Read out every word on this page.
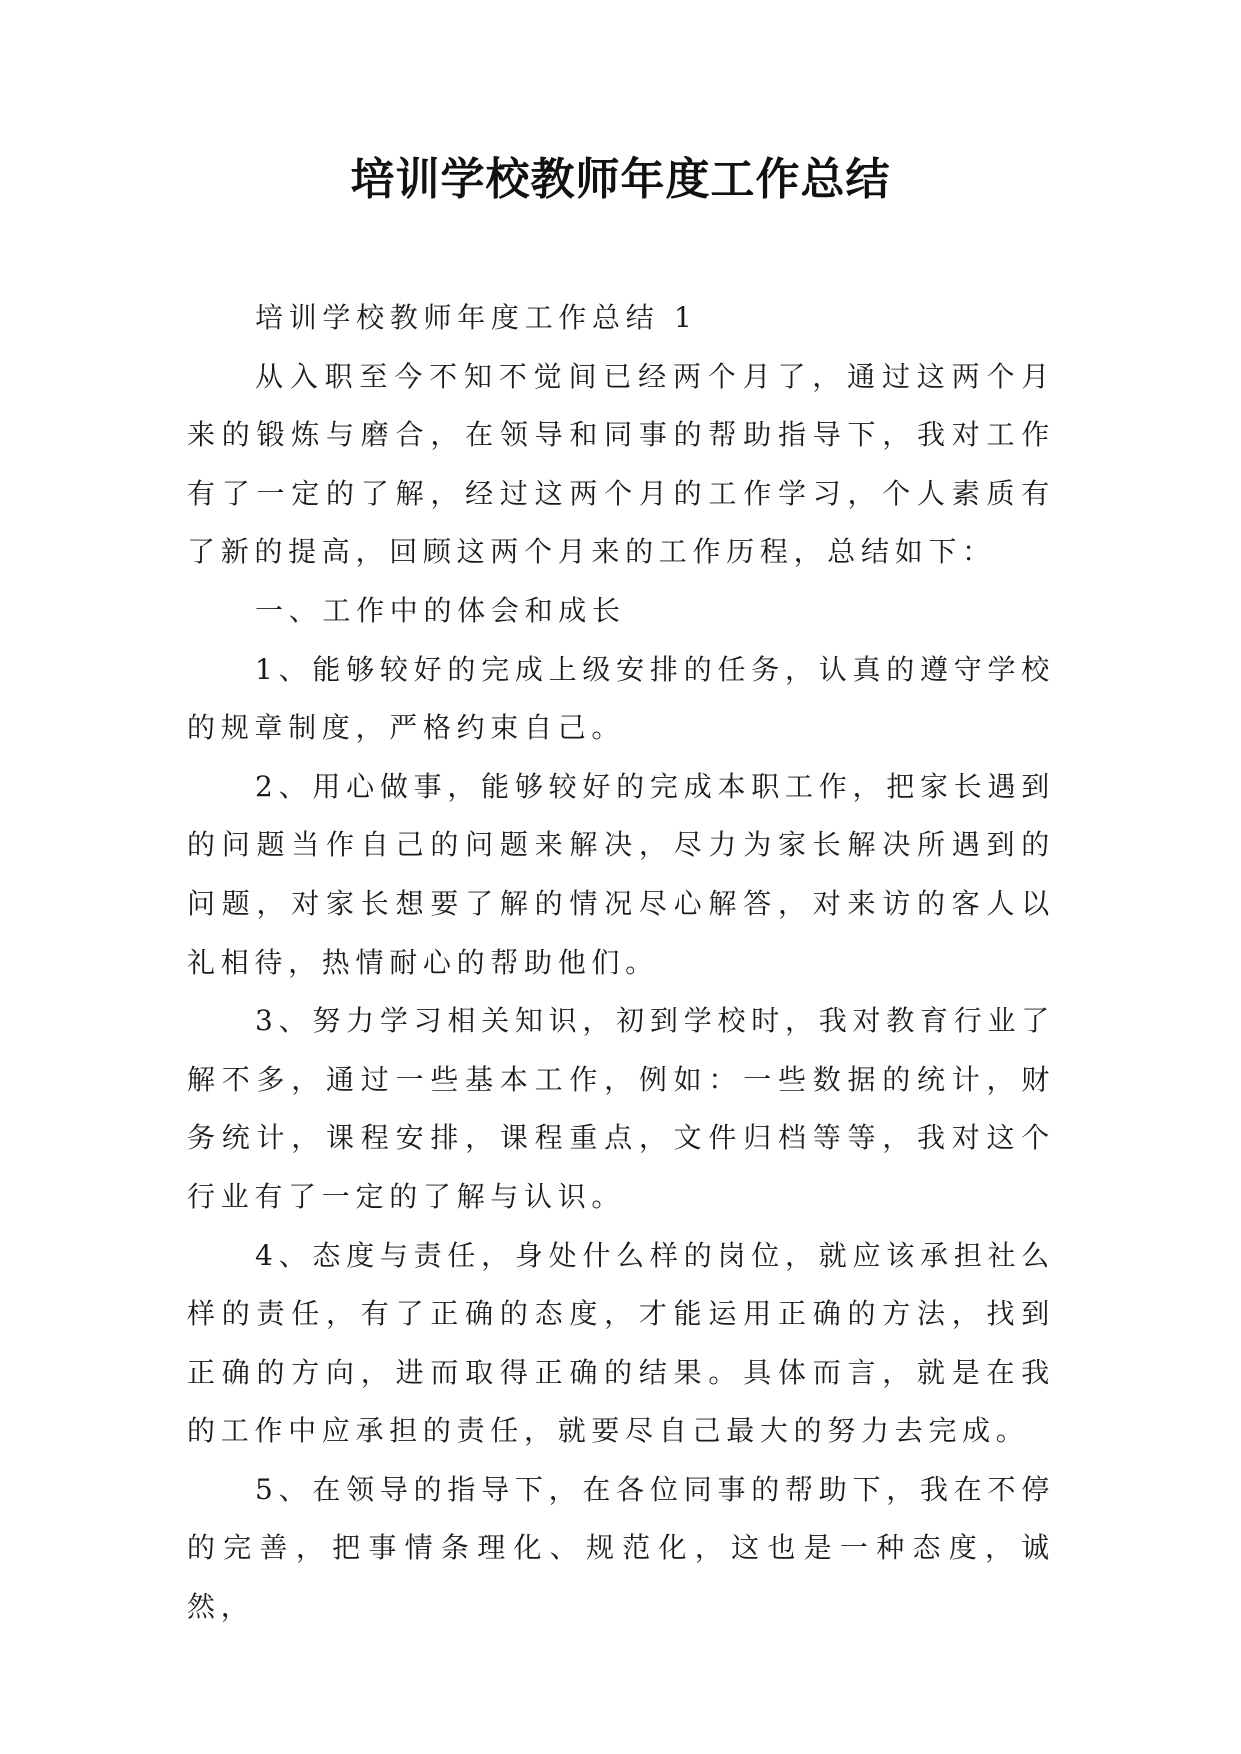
培训学校教师年度工作总结

培训学校教师年度工作总结 1

从入职至今不知不觉间已经两个月了，通过这两个月来的锻炼与磨合，在领导和同事的帮助指导下，我对工作有了一定的了解，经过这两个月的工作学习，个人素质有了新的提高，回顾这两个月来的工作历程，总结如下：

一、工作中的体会和成长

1、能够较好的完成上级安排的任务，认真的遵守学校的规章制度，严格约束自己。

2、用心做事，能够较好的完成本职工作，把家长遇到的问题当作自己的问题来解决，尽力为家长解决所遇到的问题，对家长想要了解的情况尽心解答，对来访的客人以礼相待，热情耐心的帮助他们。

3、努力学习相关知识，初到学校时，我对教育行业了解不多，通过一些基本工作，例如：一些数据的统计，财务统计，课程安排，课程重点，文件归档等等，我对这个行业有了一定的了解与认识。

4、态度与责任，身处什么样的岗位，就应该承担社么样的责任，有了正确的态度，才能运用正确的方法，找到正确的方向，进而取得正确的结果。具体而言，就是在我的工作中应承担的责任，就要尽自己最大的努力去完成。

5、在领导的指导下，在各位同事的帮助下，我在不停的完善，把事情条理化、规范化，这也是一种态度，诚然，
